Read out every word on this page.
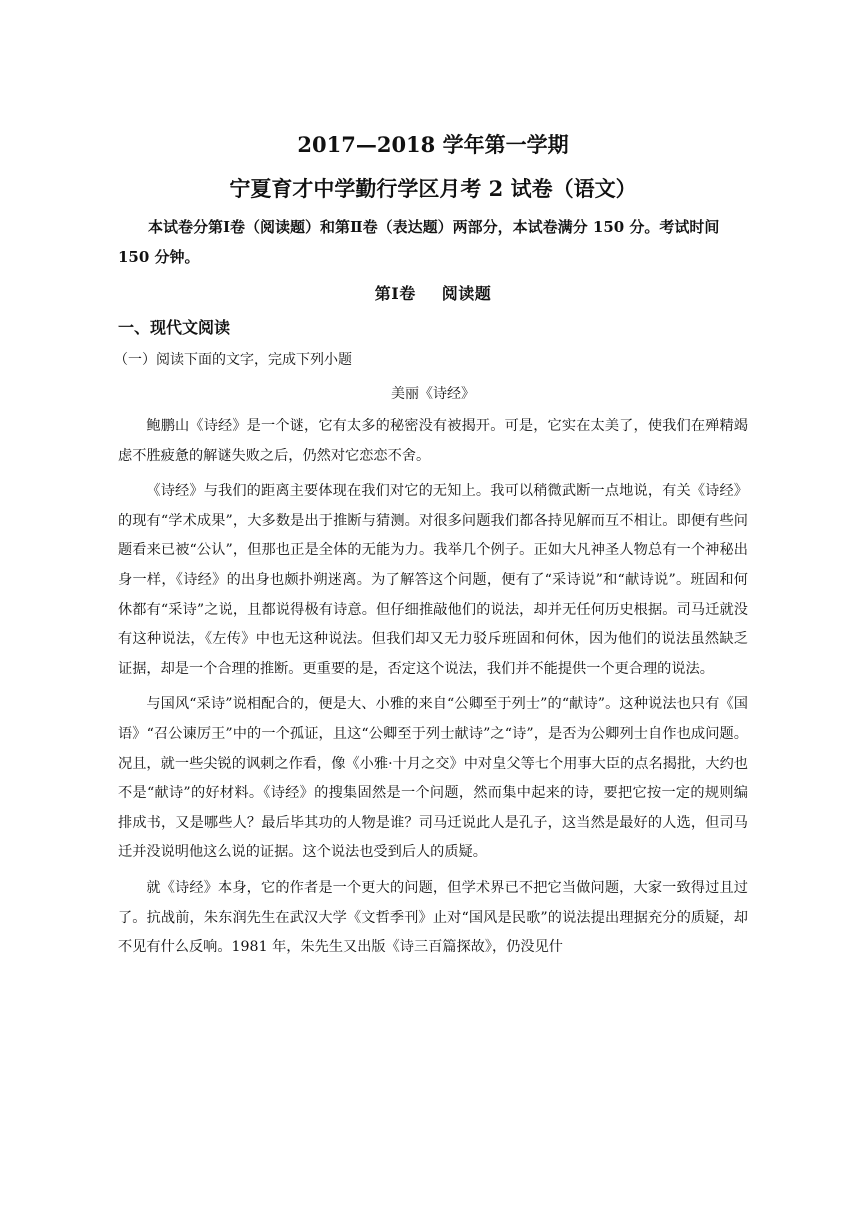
2017—2018 学年第一学期
宁夏育才中学勤行学区月考 2 试卷（语文）

本试卷分第Ⅰ卷（阅读题）和第Ⅱ卷（表达题）两部分，本试卷满分 150 分。考试时间 150 分钟。

第Ⅰ卷 阅读题
一、现代文阅读
（一）阅读下面的文字，完成下列小题
美丽《诗经》

鲍鹏山《诗经》是一个谜，它有太多的秘密没有被揭开。可是，它实在太美了，使我们在殚精竭虑不胜疲惫的解谜失败之后，仍然对它恋恋不舍。

《诗经》与我们的距离主要体现在我们对它的无知上。我可以稍微武断一点地说，有关《诗经》的现有“学术成果”，大多数是出于推断与猜测。对很多问题我们都各持见解而互不相让。即便有些问题看来已被“公认”，但那也正是全体的无能为力。我举几个例子。正如大凡神圣人物总有一个神秘出身一样，《诗经》的出身也颇扑朔迷离。为了解答这个问题，便有了“采诗说”和“献诗说”。班固和何休都有“采诗”之说，且都说得极有诗意。但仔细推敲他们的说法，却并无任何历史根据。司马迁就没有这种说法，《左传》中也无这种说法。但我们却又无力驳斥班固和何休，因为他们的说法虽然缺乏证据，却是一个合理的推断。更重要的是，否定这个说法，我们并不能提供一个更合理的说法。

与国风“采诗”说相配合的，便是大、小雅的来自“公卿至于列士”的“献诗”。这种说法也只有《国语》“召公谏厉王”中的一个孤证，且这“公卿至于列士献诗”之“诗”，是否为公卿列士自作也成问题。况且，就一些尖锐的讽刺之作看，像《小雅·十月之交》中对皇父等七个用事大臣的点名揭批，大约也不是“献诗”的好材料。《诗经》的搜集固然是一个问题，然而集中起来的诗，要把它按一定的规则编排成书，又是哪些人？最后毕其功的人物是谁？司马迁说此人是孔子，这当然是最好的人选，但司马迁并没说明他这么说的证据。这个说法也受到后人的质疑。

就《诗经》本身，它的作者是一个更大的问题，但学术界已不把它当做问题，大家一致得过且过了。抗战前，朱东润先生在武汉大学《文哲季刊》止对“国风是民歌”的说法提出理据充分的质疑，却不见有什么反响。1981 年，朱先生又出版《诗三百篇探故》，仍没见什
